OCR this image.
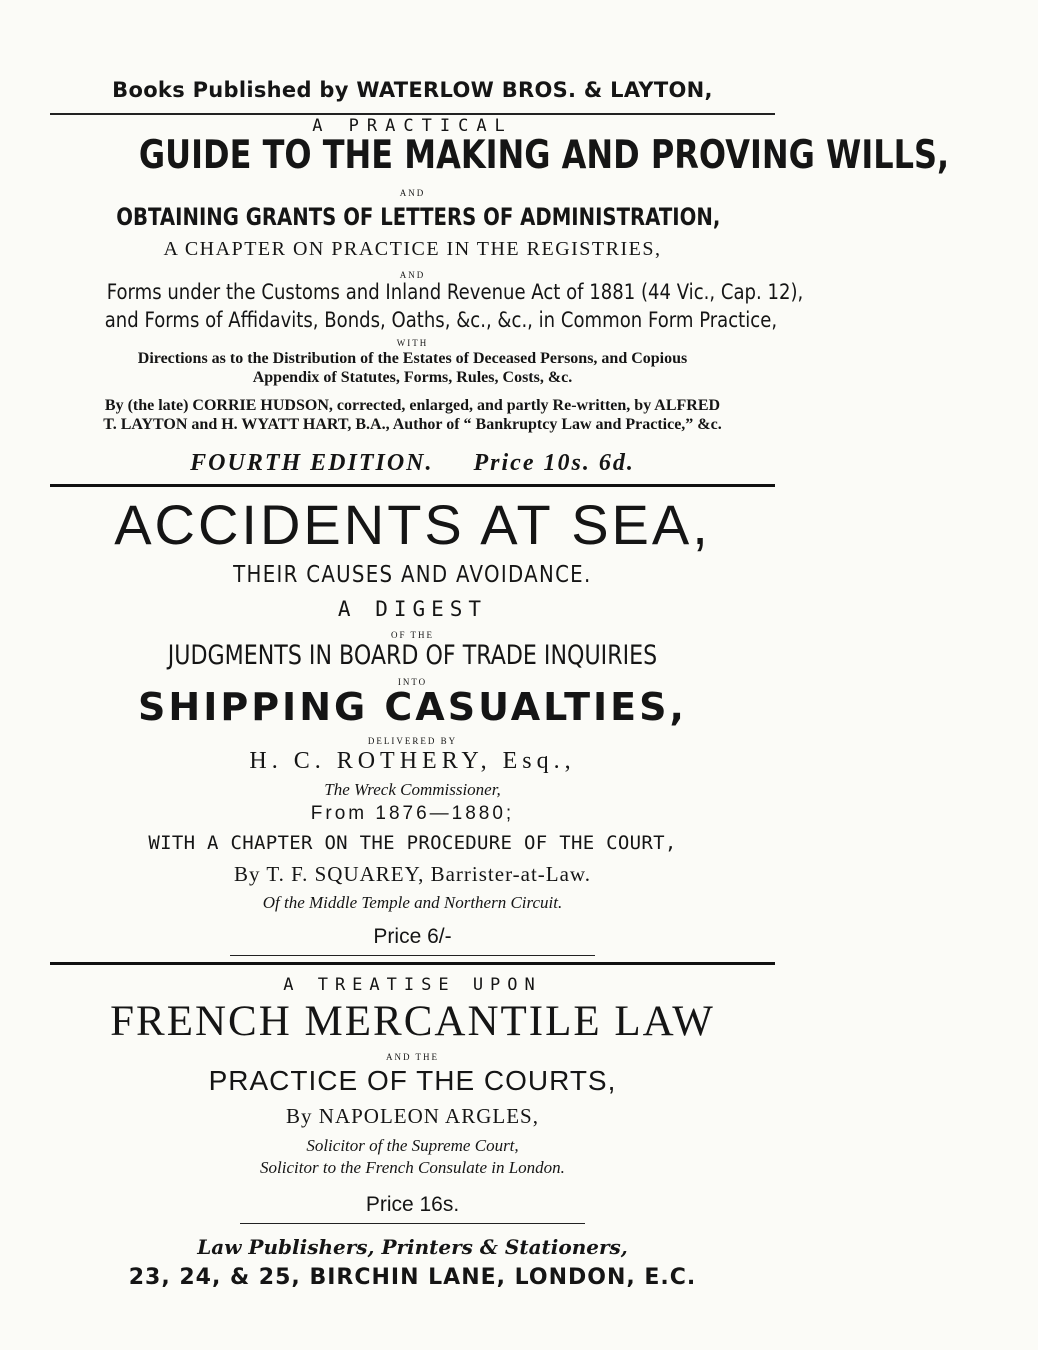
Books Published by WATERLOW BROS. & LAYTON,
A PRACTICAL
GUIDE TO THE MAKING AND PROVING WILLS,
AND
OBTAINING GRANTS OF LETTERS OF ADMINISTRATION,
A CHAPTER ON PRACTICE IN THE REGISTRIES,
AND
Forms under the Customs and Inland Revenue Act of 1881 (44 Vic., Cap. 12),
and Forms of Affidavits, Bonds, Oaths, &c., &c., in Common Form Practice,
WITH
Directions as to the Distribution of the Estates of Deceased Persons, and Copious
Appendix of Statutes, Forms, Rules, Costs, &c.
By (the late) CORRIE HUDSON, corrected, enlarged, and partly Re-written, by ALFRED
T. LAYTON and H. WYATT HART, B.A., Author of “ Bankruptcy Law and Practice,” &c.
FOURTH EDITION. Price 10s. 6d.
ACCIDENTS AT SEA,
THEIR CAUSES AND AVOIDANCE.
A DIGEST
OF THE
JUDGMENTS IN BOARD OF TRADE INQUIRIES
INTO
SHIPPING CASUALTIES,
DELIVERED BY
H. C. ROTHERY, Esq.,
The Wreck Commissioner,
From 1876—1880;
WITH A CHAPTER ON THE PROCEDURE OF THE COURT,
By T. F. SQUAREY, Barrister-at-Law.
Of the Middle Temple and Northern Circuit.
Price 6/-
A TREATISE UPON
FRENCH MERCANTILE LAW
AND THE
PRACTICE OF THE COURTS,
By NAPOLEON ARGLES,
Solicitor of the Supreme Court,
Solicitor to the French Consulate in London.
Price 16s.
Law Publishers, Printers & Stationers,
23, 24, & 25, BIRCHIN LANE, LONDON, E.C.
